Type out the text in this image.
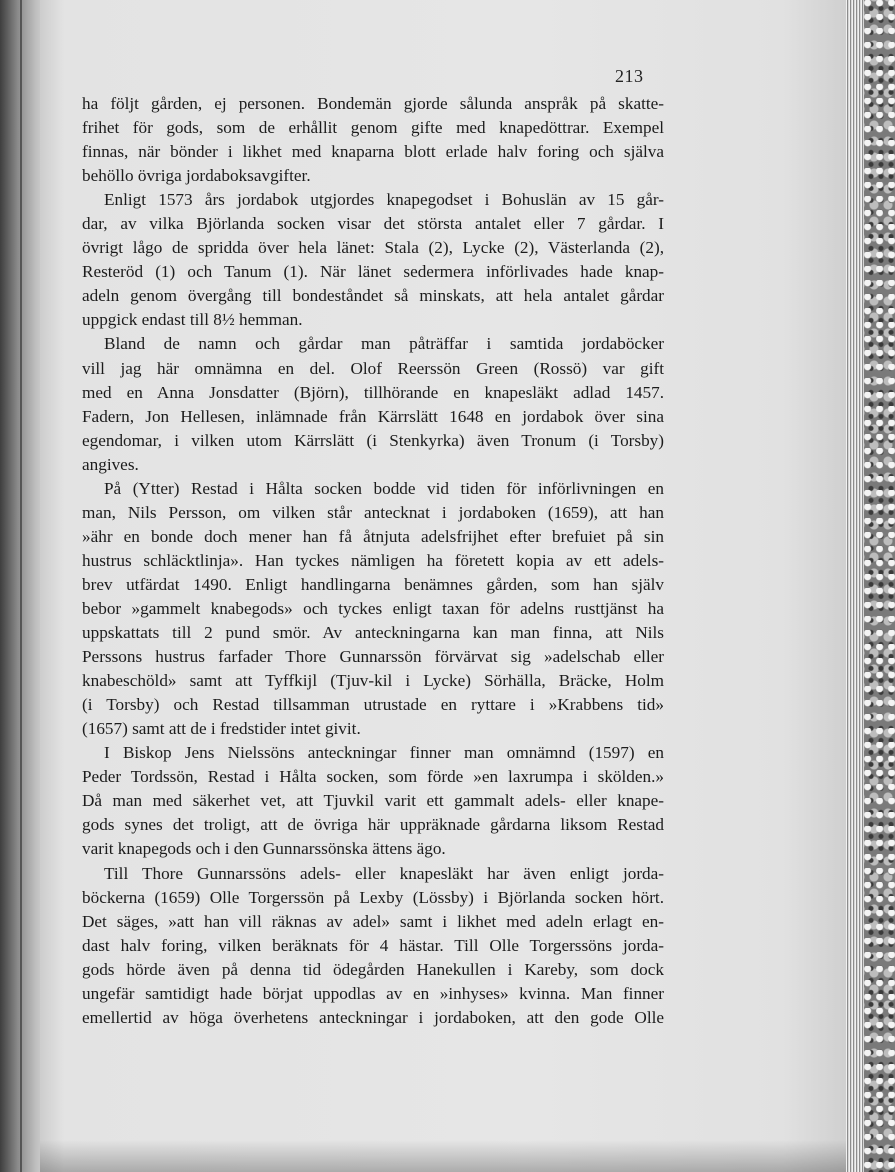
213
ha följt gården, ej personen. Bondemän gjorde sålunda anspråk på skatte-
frihet för gods, som de erhållit genom gifte med knapedöttrar. Exempel
finnas, när bönder i likhet med knaparna blott erlade halv foring och själva
behöllo övriga jordaboksavgifter.
Enligt 1573 års jordabok utgjordes knapegodset i Bohuslän av 15 går-
dar, av vilka Björlanda socken visar det största antalet eller 7 gårdar. I
övrigt lågo de spridda över hela länet: Stala (2), Lycke (2), Västerlanda (2),
Resteröd (1) och Tanum (1). När länet sedermera införlivades hade knap-
adeln genom övergång till bondeståndet så minskats, att hela antalet gårdar
uppgick endast till 8½ hemman.
Bland de namn och gårdar man påträffar i samtida jordaböcker
vill jag här omnämna en del. Olof Reerssön Green (Rossö) var gift
med en Anna Jonsdatter (Björn), tillhörande en knapesläkt adlad 1457.
Fadern, Jon Hellesen, inlämnade från Kärrslätt 1648 en jordabok över sina
egendomar, i vilken utom Kärrslätt (i Stenkyrka) även Tronum (i Torsby)
angives.
På (Ytter) Restad i Hålta socken bodde vid tiden för införlivningen en
man, Nils Persson, om vilken står antecknat i jordaboken (1659), att han
»ähr en bonde doch mener han få åtnjuta adelsfrijhet efter brefuiet på sin
hustrus schläcktlinja». Han tyckes nämligen ha företett kopia av ett adels-
brev utfärdat 1490. Enligt handlingarna benämnes gården, som han själv
bebor »gammelt knabegods» och tyckes enligt taxan för adelns rusttjänst ha
uppskattats till 2 pund smör. Av anteckningarna kan man finna, att Nils
Perssons hustrus farfader Thore Gunnarssön förvärvat sig »adelschab eller
knabeschöld» samt att Tyffkijl (Tjuv-kil i Lycke) Sörhälla, Bräcke, Holm
(i Torsby) och Restad tillsamman utrustade en ryttare i »Krabbens tid»
(1657) samt att de i fredstider intet givit.
I Biskop Jens Nielssöns anteckningar finner man omnämnd (1597) en
Peder Tordssön, Restad i Hålta socken, som förde »en laxrumpa i skölden.»
Då man med säkerhet vet, att Tjuvkil varit ett gammalt adels- eller knape-
gods synes det troligt, att de övriga här uppräknade gårdarna liksom Restad
varit knapegods och i den Gunnarssönska ättens ägo.
Till Thore Gunnarssöns adels- eller knapesläkt har även enligt jorda-
böckerna (1659) Olle Torgerssön på Lexby (Lössby) i Björlanda socken hört.
Det säges, »att han vill räknas av adel» samt i likhet med adeln erlagt en-
dast halv foring, vilken beräknats för 4 hästar. Till Olle Torgerssöns jorda-
gods hörde även på denna tid ödegården Hanekullen i Kareby, som dock
ungefär samtidigt hade börjat uppodlas av en »inhyses» kvinna. Man finner
emellertid av höga överhetens anteckningar i jordaboken, att den gode Olle
